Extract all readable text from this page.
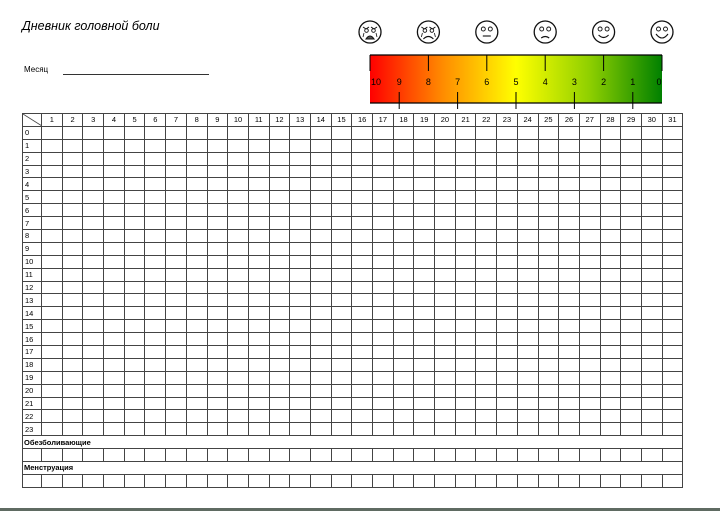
Дневник головной боли
Месяц
10 9	8	7	6	5	4	3	2	1 0
	1	2	3	4	5	6	7	8	9	10	11	12	13	14	15	16	17	18	19	20	21	22	23	24	25	26	27	28	29	30	31
0																															
1																															
2																															
3																															
4																															
5																															
6																															
7																															
8																															
9																															
10																															
11																															
12																															
13																															
14																															
15																															
16																															
17																															
18																															
19																															
20																															
21																															
22																															
23																															
Обезболивающие																															

Менструация																															
